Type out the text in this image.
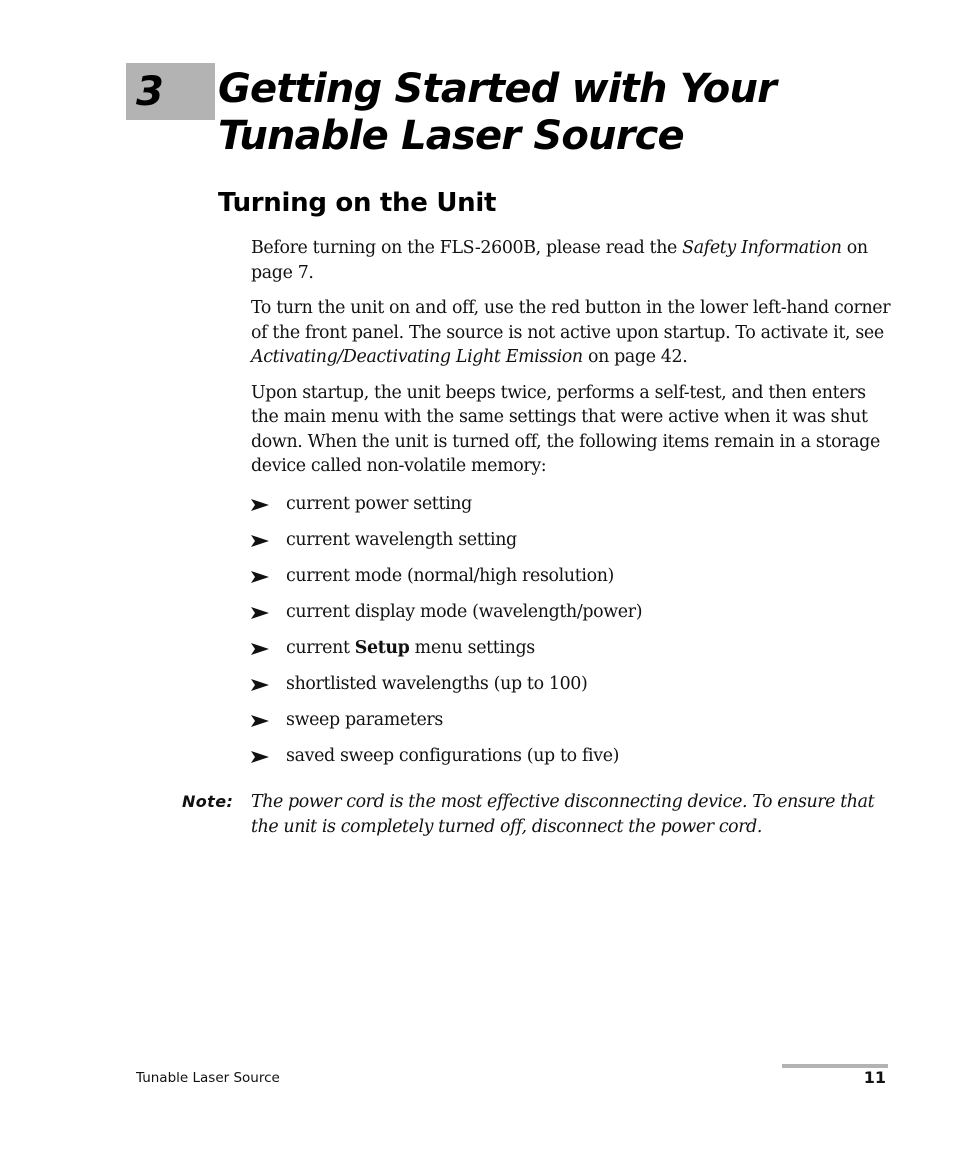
3 Getting Started with Your
Tunable Laser Source
Turning on the Unit

Before turning on the FLS-2600B, please read the Safety Information on page 7.

To turn the unit on and off, use the red button in the lower left-hand corner of the front panel. The source is not active upon startup. To activate it, see Activating/Deactivating Light Emission on page 42.

Upon startup, the unit beeps twice, performs a self-test, and then enters the main menu with the same settings that were active when it was shut down. When the unit is turned off, the following items remain in a storage device called non-volatile memory:

current power setting
current wavelength setting
current mode (normal/high resolution)
current display mode (wavelength/power)
current Setup menu settings
shortlisted wavelengths (up to 100)
sweep parameters
saved sweep configurations (up to five)
Note: The power cord is the most effective disconnecting device. To ensure that the unit is completely turned off, disconnect the power cord.
Tunable Laser Source	11
